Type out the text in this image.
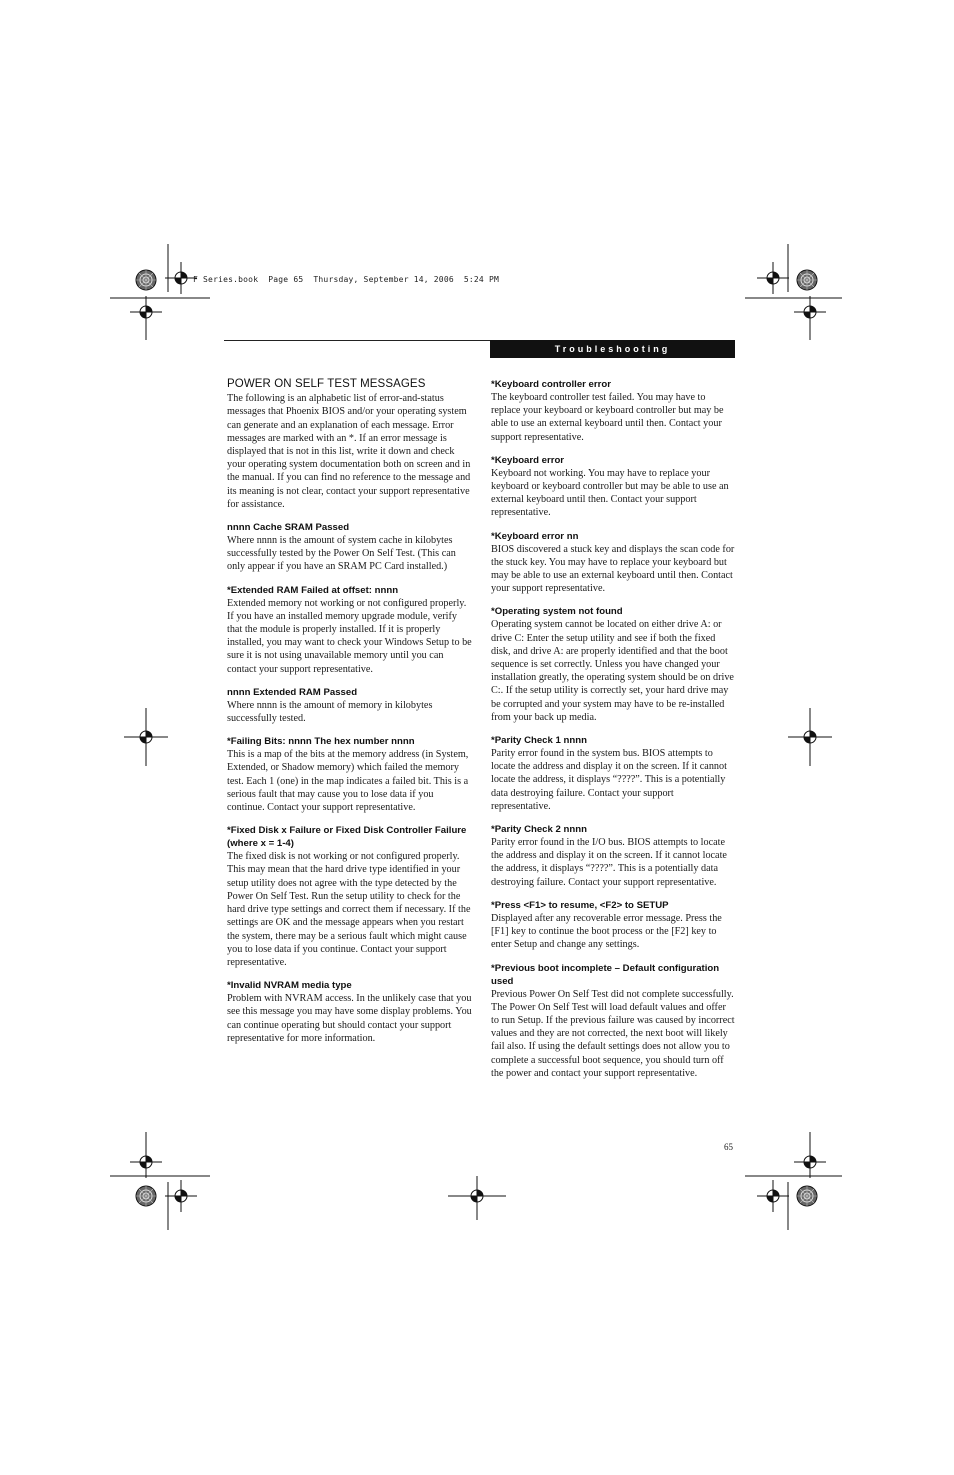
F Series.book  Page 65  Thursday, September 14, 2006  5:24 PM
Troubleshooting
POWER ON SELF TEST MESSAGES

The following is an alphabetic list of error-and-status messages that Phoenix BIOS and/or your operating system can generate and an explanation of each message. Error messages are marked with an *. If an error message is displayed that is not in this list, write it down and check your operating system documentation both on screen and in the manual. If you can find no reference to the message and its meaning is not clear, contact your support representative for assistance.

nnnn Cache SRAM Passed

Where nnnn is the amount of system cache in kilobytes successfully tested by the Power On Self Test. (This can only appear if you have an SRAM PC Card installed.)

*Extended RAM Failed at offset: nnnn

Extended memory not working or not configured properly. If you have an installed memory upgrade module, verify that the module is properly installed. If it is properly installed, you may want to check your Windows Setup to be sure it is not using unavailable memory until you can contact your support representative.

nnnn Extended RAM Passed

Where nnnn is the amount of memory in kilobytes successfully tested.

*Failing Bits: nnnn The hex number nnnn

This is a map of the bits at the memory address (in System, Extended, or Shadow memory) which failed the memory test. Each 1 (one) in the map indicates a failed bit. This is a serious fault that may cause you to lose data if you continue. Contact your support representative.

*Fixed Disk x Failure or Fixed Disk Controller Failure (where x = 1-4)

The fixed disk is not working or not configured properly. This may mean that the hard drive type identified in your setup utility does not agree with the type detected by the Power On Self Test. Run the setup utility to check for the hard drive type settings and correct them if necessary. If the settings are OK and the message appears when you restart the system, there may be a serious fault which might cause you to lose data if you continue. Contact your support representative.

*Invalid NVRAM media type

Problem with NVRAM access. In the unlikely case that you see this message you may have some display problems. You can continue operating but should contact your support representative for more information.

*Keyboard controller error

The keyboard controller test failed. You may have to replace your keyboard or keyboard controller but may be able to use an external keyboard until then. Contact your support representative.

*Keyboard error

Keyboard not working. You may have to replace your keyboard or keyboard controller but may be able to use an external keyboard until then. Contact your support representative.

*Keyboard error nn

BIOS discovered a stuck key and displays the scan code for the stuck key. You may have to replace your keyboard but may be able to use an external keyboard until then. Contact your support representative.

*Operating system not found

Operating system cannot be located on either drive A: or drive C: Enter the setup utility and see if both the fixed disk, and drive A: are properly identified and that the boot sequence is set correctly. Unless you have changed your installation greatly, the operating system should be on drive C:. If the setup utility is correctly set, your hard drive may be corrupted and your system may have to be re-installed from your back up media.

*Parity Check 1 nnnn

Parity error found in the system bus. BIOS attempts to locate the address and display it on the screen. If it cannot locate the address, it displays “????”. This is a potentially data destroying failure. Contact your support representative.

*Parity Check 2 nnnn

Parity error found in the I/O bus. BIOS attempts to locate the address and display it on the screen. If it cannot locate the address, it displays “????”. This is a potentially data destroying failure. Contact your support representative.

*Press <F1> to resume, <F2> to SETUP

Displayed after any recoverable error message. Press the [F1] key to continue the boot process or the [F2] key to enter Setup and change any settings.

*Previous boot incomplete – Default configuration used

Previous Power On Self Test did not complete successfully. The Power On Self Test will load default values and offer to run Setup. If the previous failure was caused by incorrect values and they are not corrected, the next boot will likely fail also. If using the default settings does not allow you to complete a successful boot sequence, you should turn off the power and contact your support representative.

65
